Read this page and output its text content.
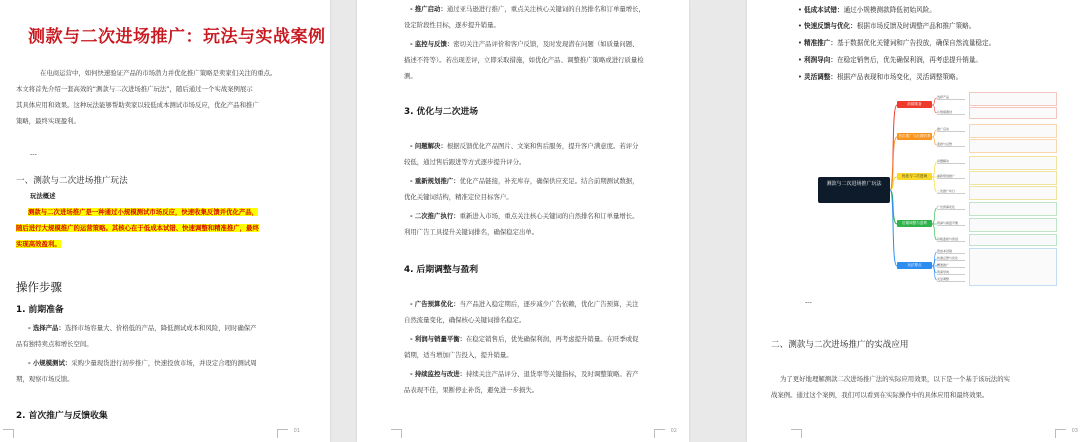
测款与二次进场推广：玩法与实战案例
在电商运营中，如何快速验证产品的市场潜力并优化推广策略是卖家们关注的重点。
本文将首先介绍一套高效的“测款与二次进场推广玩法”，随后通过一个实战案例展示
其具体应用和效果。这种玩法能够帮助卖家以较低成本测试市场反应，优化产品和推广
策略，最终实现盈利。
---
一、测款与二次进场推广玩法
玩法概述
测款与二次进场推广是一种通过小规模测试市场反应，快速收集反馈并优化产品，
随后进行大规模推广的运营策略。其核心在于低成本试错、快速调整和精准推广，最终
实现高效盈利。
操作步骤
1. 前期准备
- 选择产品：选择市场容量大、价格低的产品，降低测试成本和风险，同时确保产
品有独特卖点和增长空间。
- 小规模测试：采购少量现货进行初步推广，快速投放市场，并设定合理的测试周
期，观察市场反馈。
2. 首次推广与反馈收集
01
- 推广启动：通过亚马逊进行推广，重点关注核心关键词的自然排名和订单量增长，
设定阶段性目标，逐步提升销量。
- 监控与反馈：密切关注产品评价和客户反馈，及时发现潜在问题（如质量问题、
描述不符等）。若出现差评，立即采取措施，如优化产品、调整推广策略或进行质量检
测。
3. 优化与二次进场
- 问题解决：根据反馈优化产品图片、文案和售后服务，提升客户满意度。若评分
较低，通过售后跟进等方式逐步提升评分。
- 重新规划推广：优化产品链接，补充库存，确保供应充足。结合前期测试数据，
优化关键词结构，精准定位目标客户。
- 二次推广执行：重新进入市场，重点关注核心关键词的自然排名和订单量增长。
利用广告工具提升关键词排名，确保稳定出单。
4. 后期调整与盈利
- 广告预算优化：当产品进入稳定期后，逐步减少广告依赖，优化广告预算，关注
自然流量变化，确保核心关键词排名稳定。
- 利润与销量平衡：在稳定销售后，优先确保利润，再考虑提升销量。在旺季或促
销期，适当增加广告投入，提升销量。
- 持续监控与改进：持续关注产品评分、退货率等关键指标，及时调整策略。若产
品表现不佳，果断停止补货，避免进一步损失。
02
• 低成本试错：通过小规模测款降低初始风险。
• 快速反馈与优化：根据市场反馈及时调整产品和推广策略。
• 精准推广：基于数据优化关键词和广告投放，确保自然流量稳定。
• 利润导向：在稳定销售后，优先确保利润，再考虑提升销量。
• 灵活调整：根据产品表现和市场变化，灵活调整策略。
测款与二次进场推广玩法
前期准备
首次推广与反馈收集
优化与二次进场
后期调整与盈利
玩法要点
选择产品
小规模测试
推广启动
监控与反馈
问题解决
重新规划推广
二次推广执行
广告预算优化
利润与销量平衡
持续监控与改进
低成本试错
快速反馈与优化
精准推广
利润导向
灵活调整
---
二、测款与二次进场推广的实战应用
为了更好地理解测款二次进场推广法的实际应用效果，以下是一个基于该玩法的实
战案例。通过这个案例，我们可以看到在实际操作中的具体应用和最终效果。
03
